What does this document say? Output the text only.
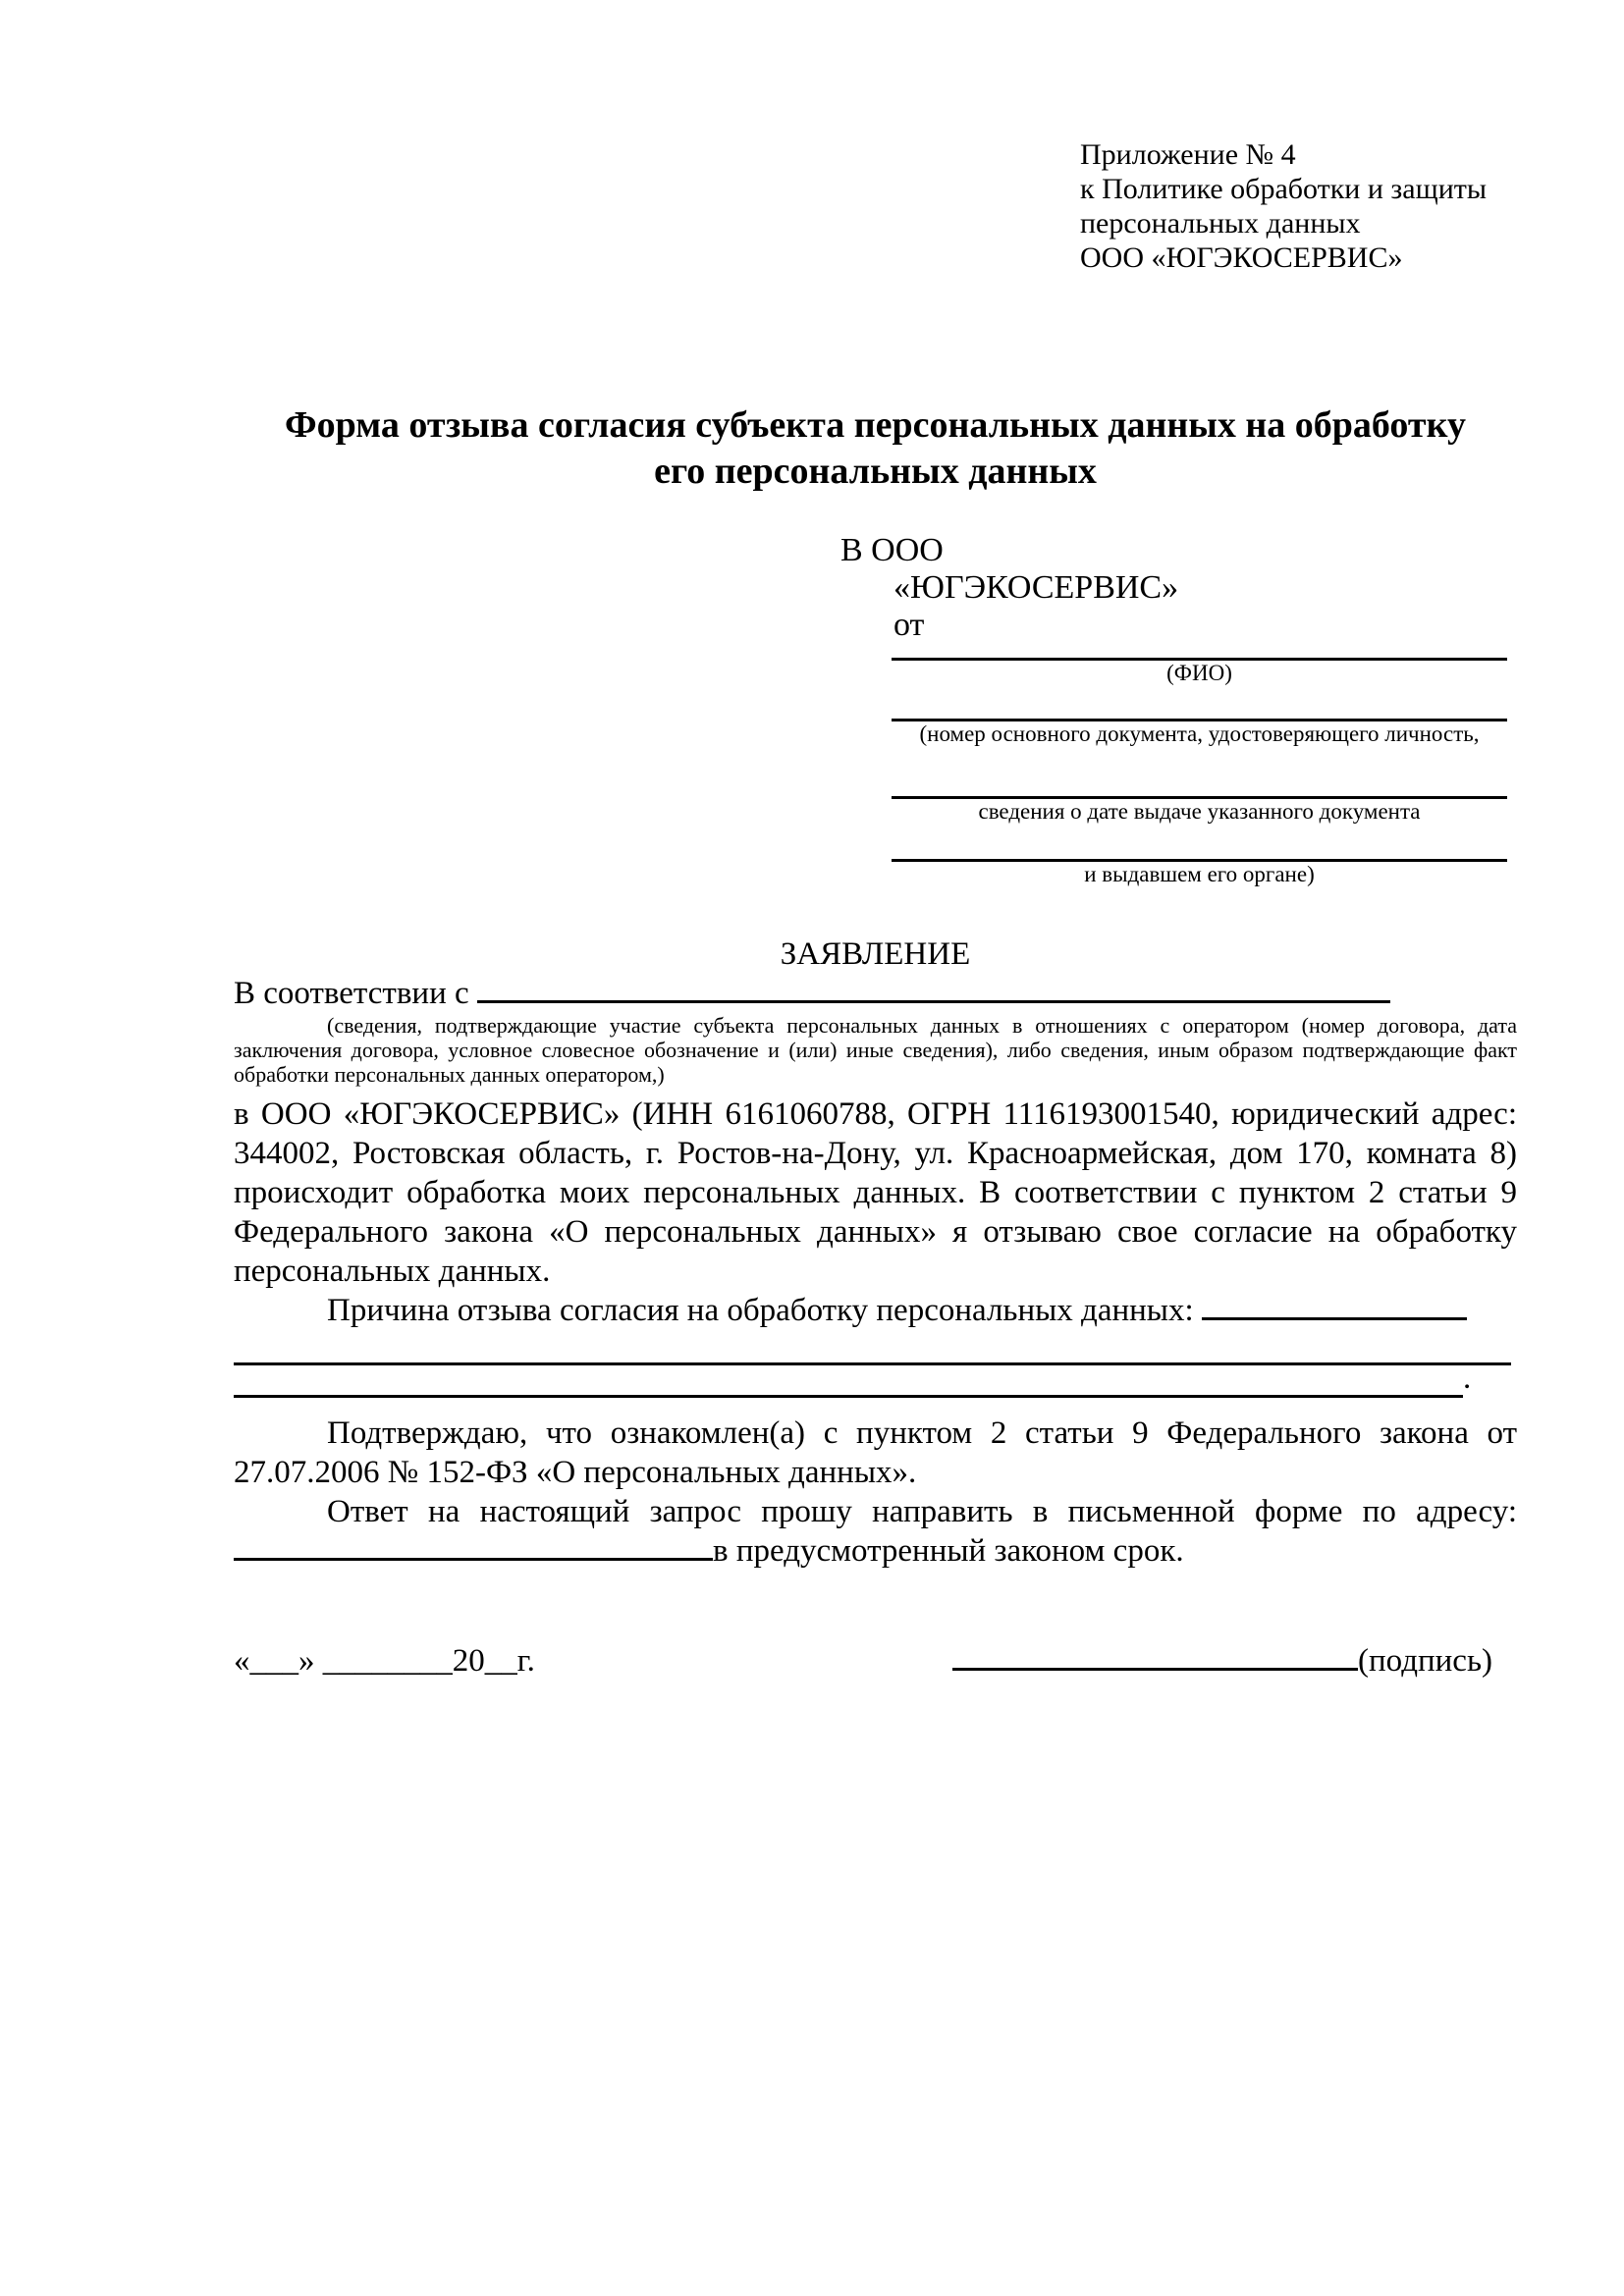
Приложение № 4
к Политике обработки и защиты
персональных данных
ООО «ЮГЭКОСЕРВИС»
Форма отзыва согласия субъекта персональных данных на обработку
его персональных данных
В ООО
«ЮГЭКОСЕРВИС»
от
(ФИО)
(номер основного документа, удостоверяющего личность,
сведения о дате выдаче указанного документа
и выдавшем его органе)
ЗАЯВЛЕНИЕ

В соответствии с

(сведения, подтверждающие участие субъекта персональных данных в отношениях с оператором (номер договора, дата заключения договора, условное словесное обозначение и (или) иные сведения), либо сведения, иным образом подтверждающие факт обработки персональных данных оператором,)

в ООО «ЮГЭКОСЕРВИС» (ИНН 6161060788, ОГРН 1116193001540, юридический адрес: 344002, Ростовская область, г. Ростов-на-Дону, ул. Красноармейская, дом 170, комната 8) происходит обработка моих персональных данных. В соответствии с пунктом 2 статьи 9 Федерального закона «О персональных данных» я отзываю свое согласие на обработку персональных данных.

Причина отзыва согласия на обработку персональных данных:

.

Подтверждаю, что ознакомлен(а) с пунктом 2 статьи 9 Федерального закона от 27.07.2006 № 152-ФЗ «О персональных данных».

Ответ на настоящий запрос прошу направить в письменной форме по адресу: в предусмотренный законом срок.

«___» ________20__г.	(подпись)
